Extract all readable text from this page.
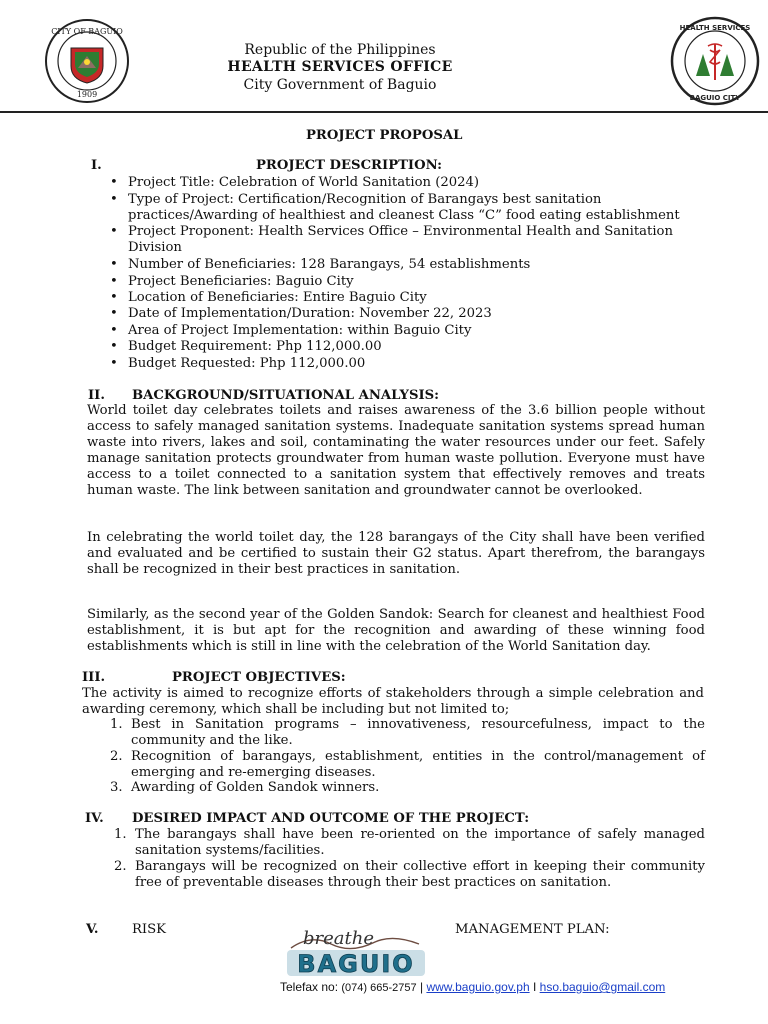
CITY OF BAGUIO
1909
Republic of the Philippines
HEALTH SERVICES OFFICE
City Government of Baguio
HEALTH SERVICES
BAGUIO CITY
PROJECT PROPOSAL
I.	PROJECT DESCRIPTION:
• Project Title: Celebration of World Sanitation (2024)
• Type of Project: Certification/Recognition of Barangays best sanitation
practices/Awarding of healthiest and cleanest Class “C” food eating establishment
• Project Proponent: Health Services Office – Environmental Health and Sanitation
Division
• Number of Beneficiaries: 128 Barangays, 54 establishments
• Project Beneficiaries: Baguio City
• Location of Beneficiaries: Entire Baguio City
• Date of Implementation/Duration: November 22, 2023
• Area of Project Implementation: within Baguio City
• Budget Requirement: Php 112,000.00
• Budget Requested: Php 112,000.00
II. BACKGROUND/SITUATIONAL ANALYSIS:
World toilet day celebrates toilets and raises awareness of the 3.6 billion people without access to safely managed sanitation systems. Inadequate sanitation systems spread human waste into rivers, lakes and soil, contaminating the water resources under our feet. Safely manage sanitation protects groundwater from human waste pollution. Everyone must have access to a toilet connected to a sanitation system that effectively removes and treats human waste. The link between sanitation and groundwater cannot be overlooked.
In celebrating the world toilet day, the 128 barangays of the City shall have been verified and evaluated and be certified to sustain their G2 status. Apart therefrom, the barangays shall be recognized in their best practices in sanitation.
Similarly, as the second year of the Golden Sandok: Search for cleanest and healthiest Food establishment, it is but apt for the recognition and awarding of these winning food establishments which is still in line with the celebration of the World Sanitation day.
III.	PROJECT OBJECTIVES:
The activity is aimed to recognize efforts of stakeholders through a simple celebration and awarding ceremony, which shall be including but not limited to;
1. Best in Sanitation programs – innovativeness, resourcefulness, impact to the community and the like.
2. Recognition of barangays, establishment, entities in the control/management of emerging and re-emerging diseases.
3. Awarding of Golden Sandok winners.
IV. DESIRED IMPACT AND OUTCOME OF THE PROJECT:
1. The barangays shall have been re-oriented on the importance of safely managed sanitation systems/facilities.
2. Barangays will be recognized on their collective effort in keeping their community free of preventable diseases through their best practices on sanitation.
V.	RISK	MANAGEMENT PLAN:
breathe
BAGUIO
Telefax no: (074) 665-2757 | www.baguio.gov.ph I hso.baguio@gmail.com
